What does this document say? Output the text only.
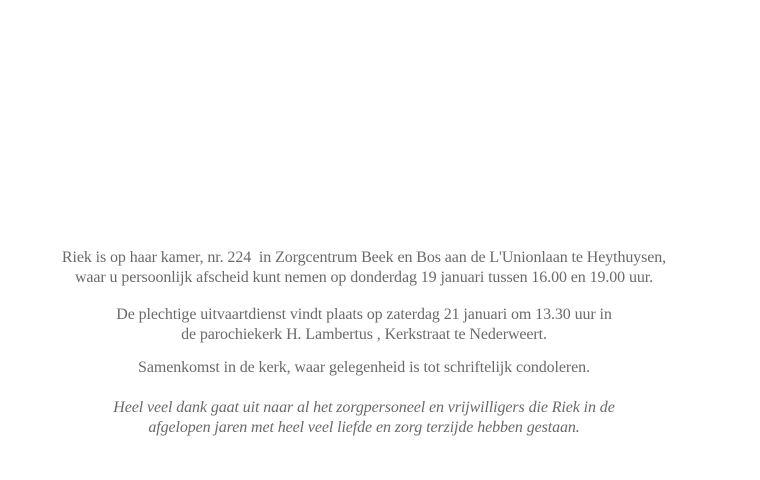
Riek is op haar kamer, nr. 224  in Zorgcentrum Beek en Bos aan de L'Unionlaan te Heythuysen,
waar u persoonlijk afscheid kunt nemen op donderdag 19 januari tussen 16.00 en 19.00 uur.

De plechtige uitvaartdienst vindt plaats op zaterdag 21 januari om 13.30 uur in
de parochiekerk H. Lambertus , Kerkstraat te Nederweert.

Samenkomst in de kerk, waar gelegenheid is tot schriftelijk condoleren.

Heel veel dank gaat uit naar al het zorgpersoneel en vrijwilligers die Riek in de
afgelopen jaren met heel veel liefde en zorg terzijde hebben gestaan.
